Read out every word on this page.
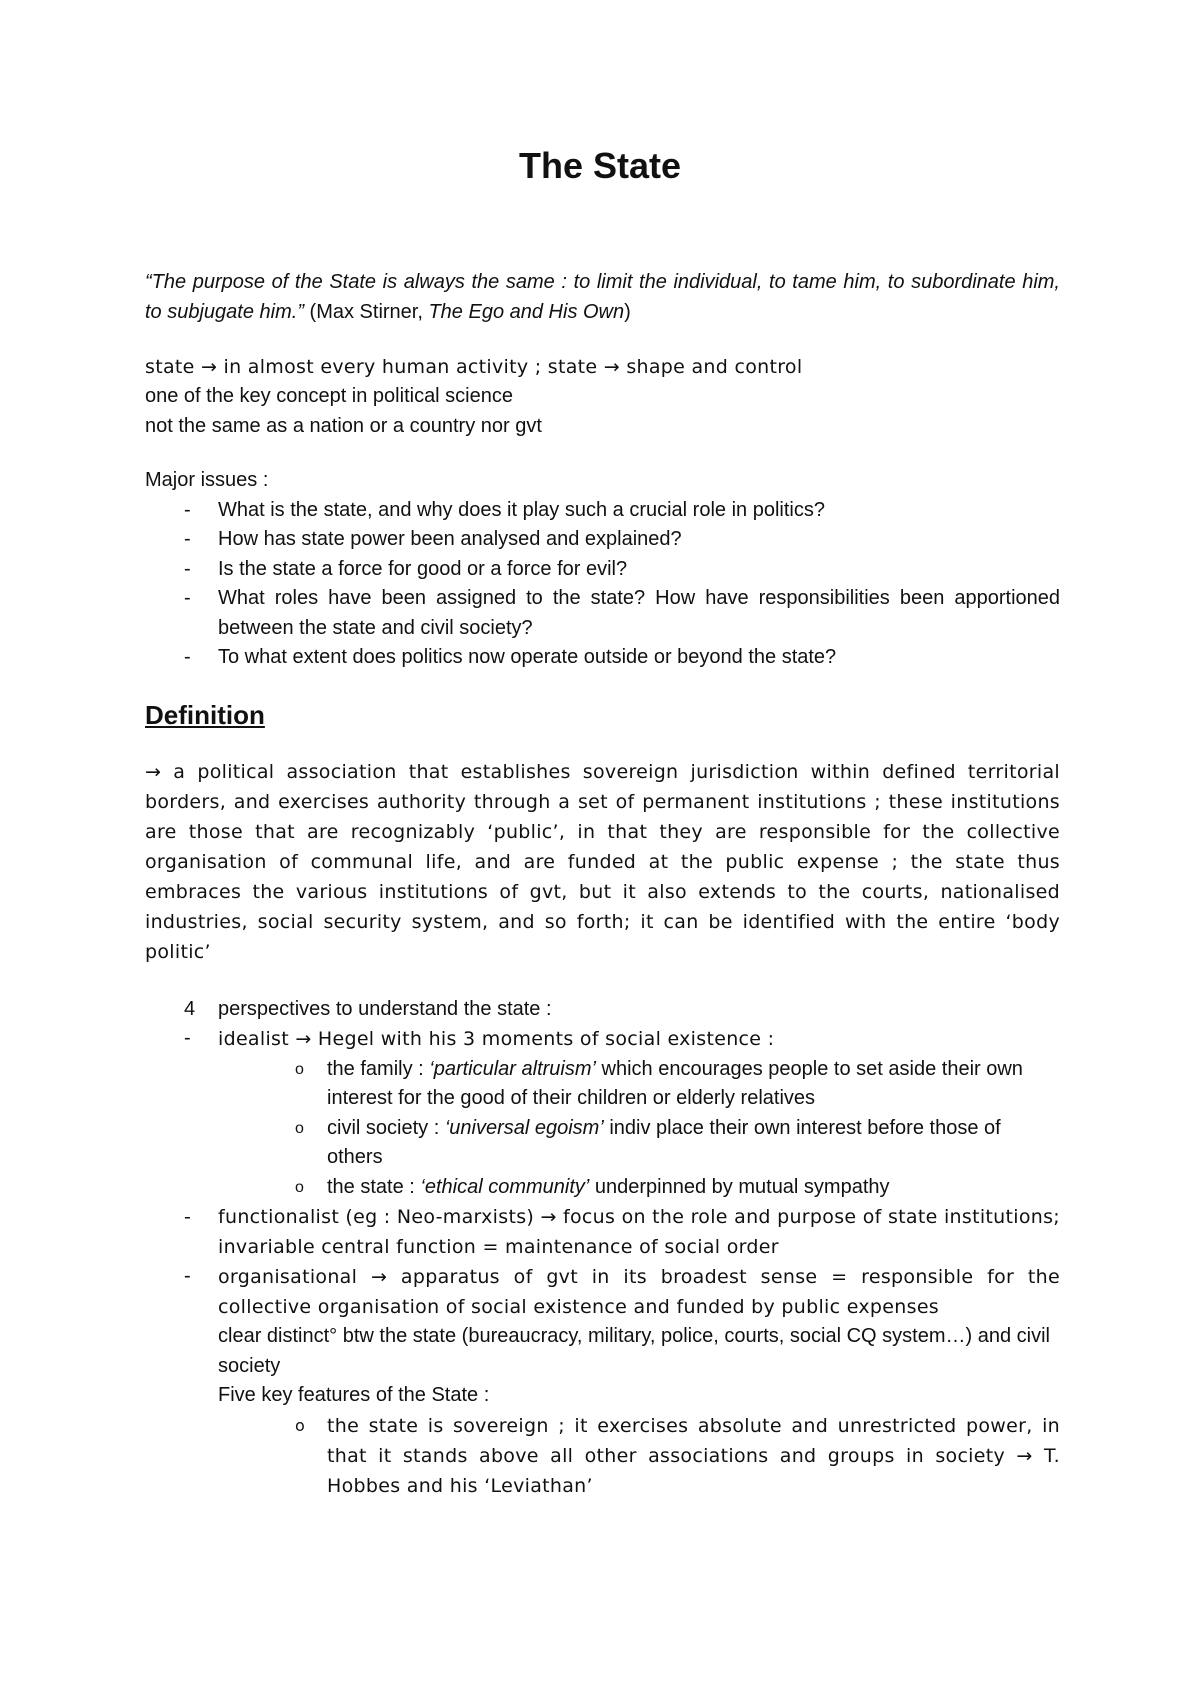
The State

“The purpose of the State is always the same : to limit the individual, to tame him, to subordinate him, to subjugate him.” (Max Stirner, The Ego and His Own)

state → in almost every human activity ; state → shape and control

one of the key concept in political science

not the same as a nation or a country nor gvt

Major issues :

- What is the state, and why does it play such a crucial role in politics?
- How has state power been analysed and explained?
- Is the state a force for good or a force for evil?
- What roles have been assigned to the state? How have responsibilities been apportioned between the state and civil society?
- To what extent does politics now operate outside or beyond the state?
Definition

→ a political association that establishes sovereign jurisdiction within defined territorial borders, and exercises authority through a set of permanent institutions ; these institutions are those that are recognizably ‘public’, in that they are responsible for the collective organisation of communal life, and are funded at the public expense ; the state thus embraces the various institutions of gvt, but it also extends to the courts, nationalised industries, social security system, and so forth; it can be identified with the entire ‘body politic’

4 perspectives to understand the state :
- idealist → Hegel with his 3 moments of social existence :
o the family : ‘particular altruism’ which encourages people to set aside their own interest for the good of their children or elderly relatives
o civil society : ‘universal egoism’ indiv place their own interest before those of others
o the state : ‘ethical community’ underpinned by mutual sympathy
- functionalist (eg : Neo-marxists) → focus on the role and purpose of state institutions; invariable central function = maintenance of social order
- organisational → apparatus of gvt in its broadest sense = responsible for the collective organisation of social existence and funded by public expenses
clear distinct° btw the state (bureaucracy, military, police, courts, social CQ system…) and civil society
Five key features of the State :
o the state is sovereign ; it exercises absolute and unrestricted power, in that it stands above all other associations and groups in society → T. Hobbes and his ‘Leviathan’
